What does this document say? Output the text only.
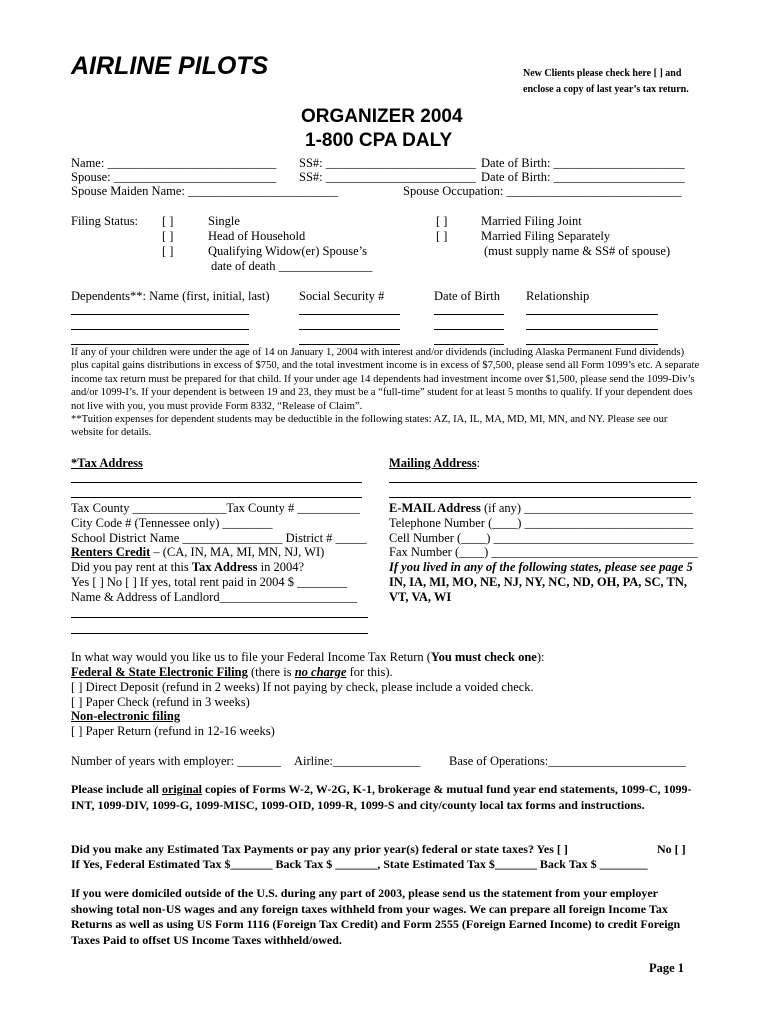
AIRLINE PILOTS	New Clients please check here [ ] and
enclose a copy of last year’s tax return.
ORGANIZER 2004
1-800 CPA DALY
Name: ___________________________ SS#: ________________________ Date of Birth: _____________________
Spouse: __________________________ SS#: ________________________ Date of Birth: _____________________
Spouse Maiden Name: ________________________	Spouse Occupation: ____________________________
Filing Status: [ ]	Single
[ ]	Head of Household
[ ]	Qualifying Widow(er) Spouse’s
date of death _______________
[ ]	Married Filing Joint
[ ]	Married Filing Separately
(must supply name & SS# of spouse)
Dependents**: Name (first, initial, last) Social Security #	Date of Birth Relationship
If any of your children were under the age of 14 on January 1, 2004 with interest and/or dividends (including Alaska Permanent Fund dividends) plus capital gains distributions in excess of $750, and the total investment income is in excess of $7,500, please send all Form 1099’s etc. A separate income tax return must be prepared for that child. If your under age 14 dependents had investment income over $1,500, please send the 1099-Div’s and/or 1099-I’s. If your dependent is between 19 and 23, they must be a “full-time” student for at least 5 months to qualify. If your dependent does not live with you, you must provide Form 8332, “Release of Claim”.
**Tuition expenses for dependent students may be deductible in the following states: AZ, IA, IL, MA, MD, MI, MN, and NY. Please see our website for details.
*Tax Address
Tax County _______________Tax County # __________
City Code # (Tennessee only) ________
School District Name ________________ District # _____
Renters Credit – (CA, IN, MA, MI, MN, NJ, WI)
Did you pay rent at this Tax Address in 2004?
Yes [ ] No [ ] If yes, total rent paid in 2004 $ ________
Name & Address of Landlord______________________
Mailing Address:
E-MAIL Address (if any) ___________________________
Telephone Number (____) ___________________________
Cell Number (____) ________________________________
Fax Number (____) _________________________________
If you lived in any of the following states, please see page 5
IN, IA, MI, MO, NE, NJ, NY, NC, ND, OH, PA, SC, TN,
VT, VA, WI
In what way would you like us to file your Federal Income Tax Return (You must check one):
Federal & State Electronic Filing (there is no charge for this).
[ ] Direct Deposit (refund in 2 weeks) If not paying by check, please include a voided check.
[ ] Paper Check (refund in 3 weeks)
Non-electronic filing
[ ] Paper Return (refund in 12-16 weeks)
Number of years with employer: _______ Airline:______________ Base of Operations:______________________
Please include all original copies of Forms W-2, W-2G, K-1, brokerage & mutual fund year end statements, 1099-C, 1099-INT, 1099-DIV, 1099-G, 1099-MISC, 1099-OID, 1099-R, 1099-S and city/county local tax forms and instructions.
Did you make any Estimated Tax Payments or pay any prior year(s) federal or state taxes? Yes [ ]	No [ ]
If Yes, Federal Estimated Tax $_______ Back Tax $ _______, State Estimated Tax $_______ Back Tax $ ________
If you were domiciled outside of the U.S. during any part of 2003, please send us the statement from your employer showing total non-US wages and any foreign taxes withheld from your wages. We can prepare all foreign Income Tax Returns as well as using US Form 1116 (Foreign Tax Credit) and Form 2555 (Foreign Earned Income) to credit Foreign Taxes Paid to offset US Income Taxes withheld/owed.
Page 1
